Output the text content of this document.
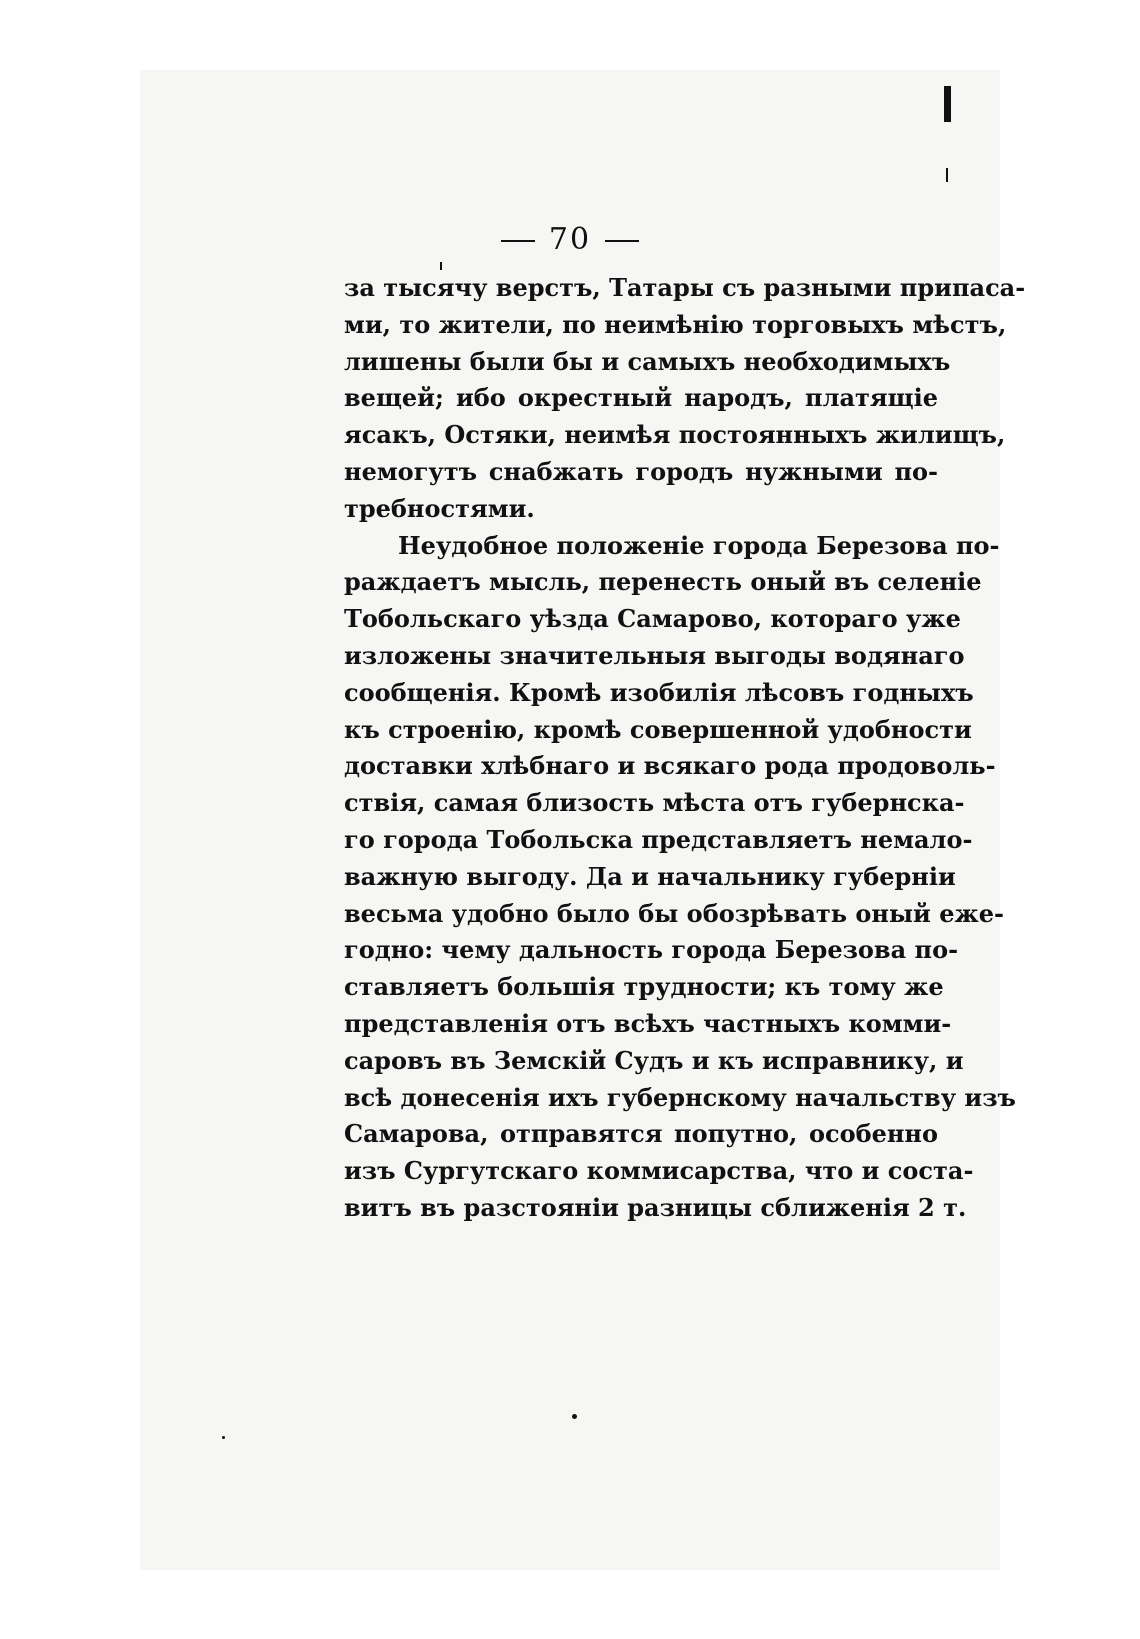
70
за тысячу верстъ, Татары съ разными припаса-
ми, то жители, по неимѣнію торговыхъ мѣстъ,
лишены были бы и самыхъ необходимыхъ
вещей; ибо окрестный народъ, платящіе
ясакъ, Остяки, неимѣя постоянныхъ жилищъ,
немогутъ снабжать городъ нужными по-
требностями.
Неудобное положеніе города Березова по-
раждаетъ мысль, перенесть оный въ селеніе
Тобольскаго уѣзда Самарово, котораго уже
изложены значительныя выгоды водянаго
сообщенія. Кромѣ изобилія лѣсовъ годныхъ
къ строенію, кромѣ совершенной удобности
доставки хлѣбнаго и всякаго рода продоволь-
ствія, самая близость мѣста отъ губернска-
го города Тобольска представляетъ немало-
важную выгоду. Да и начальнику губерніи
весьма удобно было бы обозрѣвать оный еже-
годно: чему дальность города Березова по-
ставляетъ большія трудности; къ тому же
представленія отъ всѣхъ частныхъ комми-
саровъ въ Земскій Судъ и къ исправнику, и
всѣ донесенія ихъ губернскому начальству изъ
Самарова, отправятся попутно, особенно
изъ Сургутскаго коммисарства, что и соста-
витъ въ разстояніи разницы сближенія 2 т.
